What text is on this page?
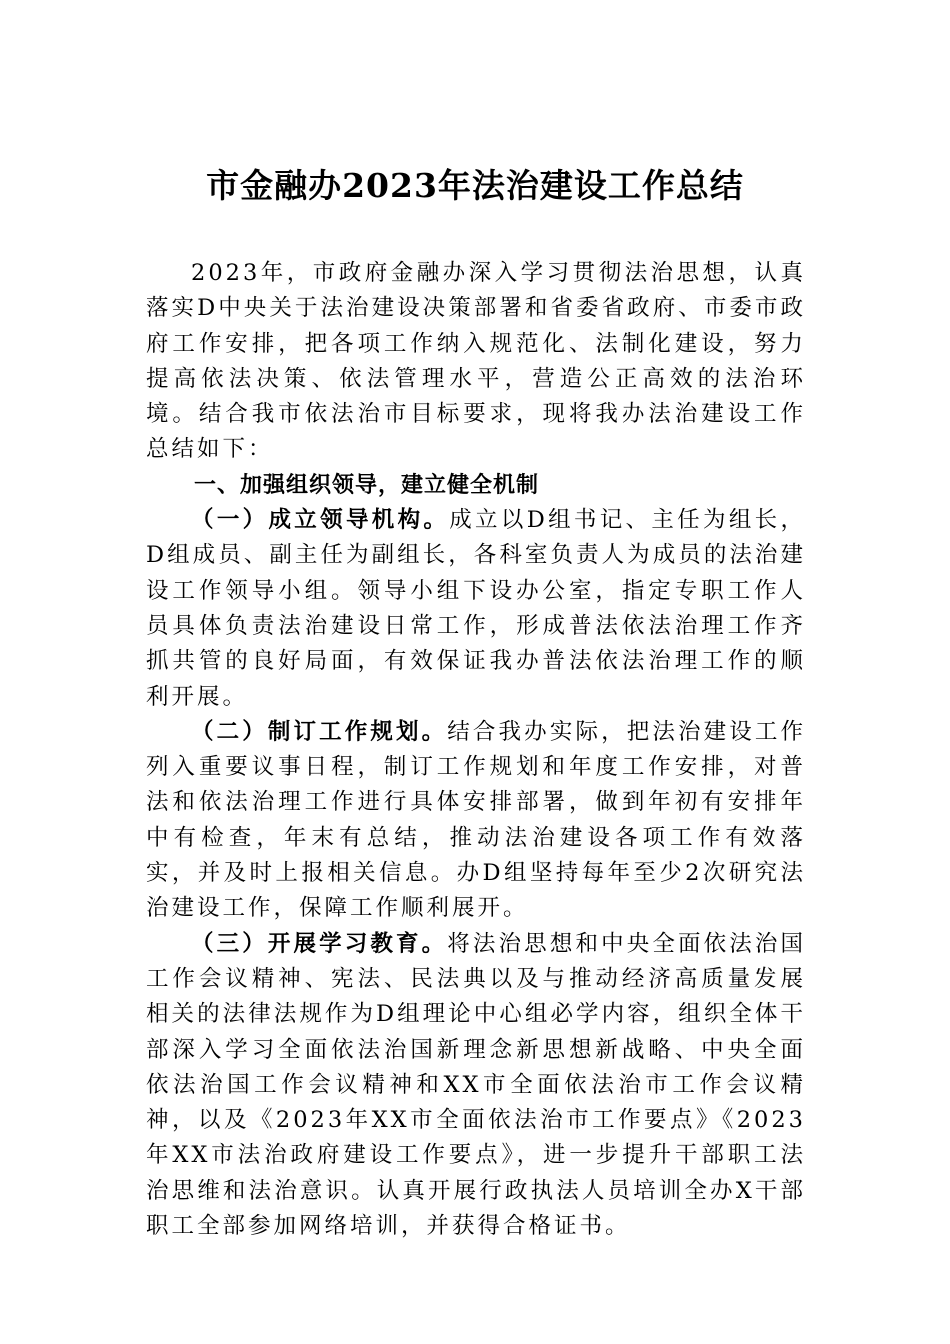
市金融办2023年法治建设工作总结

2023年，市政府金融办深入学习贯彻法治思想，认真落实D中央关于法治建设决策部署和省委省政府、市委市政府工作安排，把各项工作纳入规范化、法制化建设，努力提高依法决策、依法管理水平，营造公正高效的法治环境。结合我市依法治市目标要求，现将我办法治建设工作总结如下：

一、加强组织领导，建立健全机制

（一）成立领导机构。成立以D组书记、主任为组长，D组成员、副主任为副组长，各科室负责人为成员的法治建设工作领导小组。领导小组下设办公室，指定专职工作人员具体负责法治建设日常工作，形成普法依法治理工作齐抓共管的良好局面，有效保证我办普法依法治理工作的顺利开展。

（二）制订工作规划。结合我办实际，把法治建设工作列入重要议事日程，制订工作规划和年度工作安排，对普法和依法治理工作进行具体安排部署，做到年初有安排年中有检查，年末有总结，推动法治建设各项工作有效落实，并及时上报相关信息。办D组坚持每年至少2次研究法治建设工作，保障工作顺利展开。

（三）开展学习教育。将法治思想和中央全面依法治国工作会议精神、宪法、民法典以及与推动经济高质量发展相关的法律法规作为D组理论中心组必学内容，组织全体干部深入学习全面依法治国新理念新思想新战略、中央全面依法治国工作会议精神和XX市全面依法治市工作会议精神，以及《2023年XX市全面依法治市工作要点》《2023年XX市法治政府建设工作要点》，进一步提升干部职工法治思维和法治意识。认真开展行政执法人员培训全办X干部职工全部参加网络培训，并获得合格证书。
